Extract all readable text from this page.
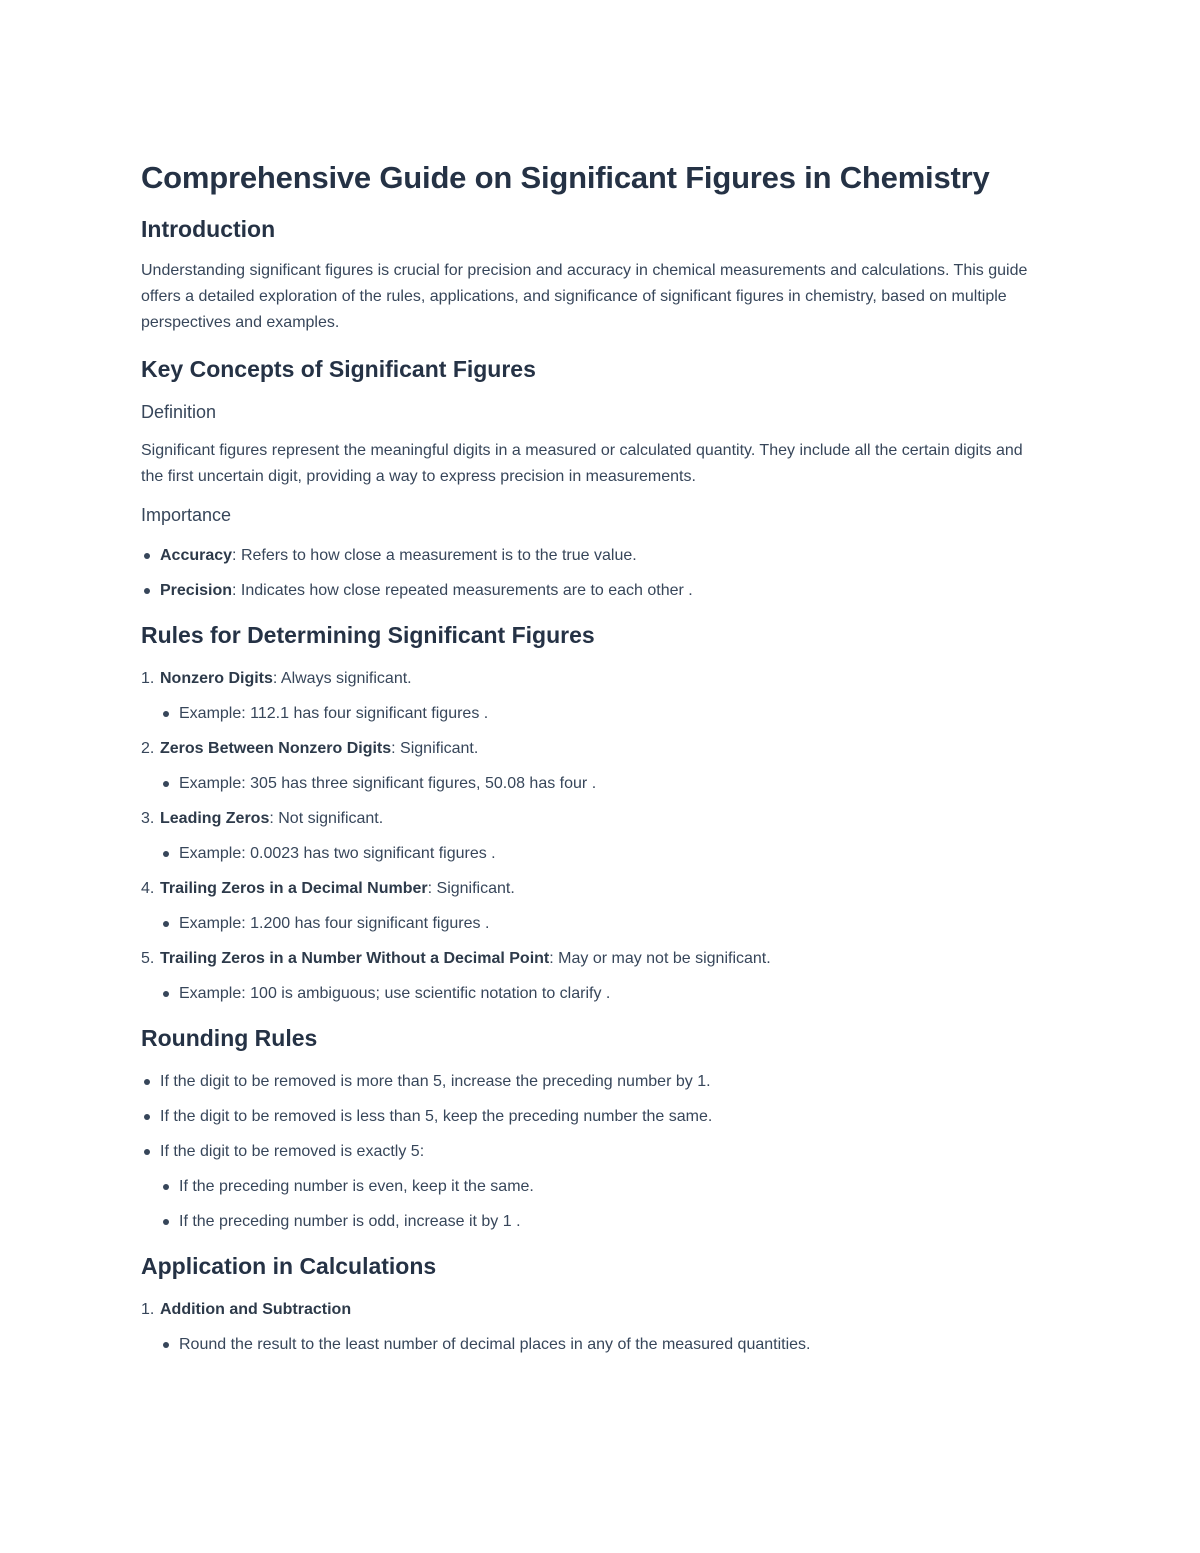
Comprehensive Guide on Significant Figures in Chemistry
Introduction

Understanding significant figures is crucial for precision and accuracy in chemical measurements and calculations. This guide offers a detailed exploration of the rules, applications, and significance of significant figures in chemistry, based on multiple perspectives and examples.

Key Concepts of Significant Figures
Definition

Significant figures represent the meaningful digits in a measured or calculated quantity. They include all the certain digits and the first uncertain digit, providing a way to express precision in measurements.

Importance
Accuracy: Refers to how close a measurement is to the true value.
Precision: Indicates how close repeated measurements are to each other .
Rules for Determining Significant Figures
1. Nonzero Digits: Always significant.
Example: 112.1 has four significant figures .
2. Zeros Between Nonzero Digits: Significant.
Example: 305 has three significant figures, 50.08 has four .
3. Leading Zeros: Not significant.
Example: 0.0023 has two significant figures .
4. Trailing Zeros in a Decimal Number: Significant.
Example: 1.200 has four significant figures .
5. Trailing Zeros in a Number Without a Decimal Point: May or may not be significant.
Example: 100 is ambiguous; use scientific notation to clarify .
Rounding Rules
If the digit to be removed is more than 5, increase the preceding number by 1.
If the digit to be removed is less than 5, keep the preceding number the same.
If the digit to be removed is exactly 5:
If the preceding number is even, keep it the same.
If the preceding number is odd, increase it by 1 .
Application in Calculations
1. Addition and Subtraction
Round the result to the least number of decimal places in any of the measured quantities.
